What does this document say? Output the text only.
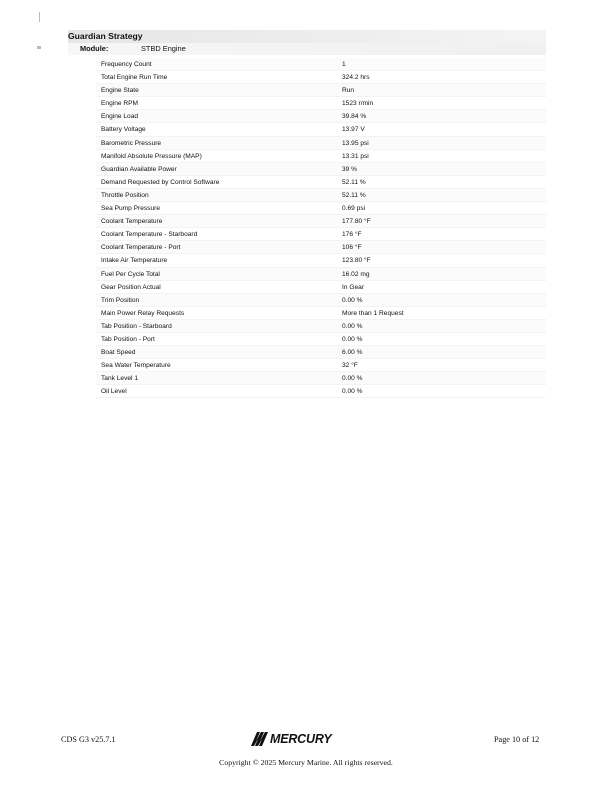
Guardian Strategy
Module:	STBD Engine
Frequency Count	1
Total Engine Run Time	324.2 hrs
Engine State	Run
Engine RPM	1523 r/min
Engine Load	39.84 %
Battery Voltage	13.97 V
Barometric Pressure	13.95 psi
Manifold Absolute Pressure (MAP)	13.31 psi
Guardian Available Power	39 %
Demand Requested by Control Software	52.11 %
Throttle Position	52.11 %
Sea Pump Pressure	0.69 psi
Coolant Temperature	177.80 °F
Coolant Temperature - Starboard	176 °F
Coolant Temperature - Port	106 °F
Intake Air Temperature	123.80 °F
Fuel Per Cycle Total	16.02 mg
Gear Position Actual	In Gear
Trim Position	0.00 %
Main Power Relay Requests	More than 1 Request
Tab Position - Starboard	0.00 %
Tab Position - Port	0.00 %
Boat Speed	6.00 %
Sea Water Temperature	32 °F
Tank Level 1	0.00 %
Oil Level	0.00 %
CDS G3 v25.7.1	MERCURY	Page 10 of 12
Copyright © 2025 Mercury Marine. All rights reserved.
